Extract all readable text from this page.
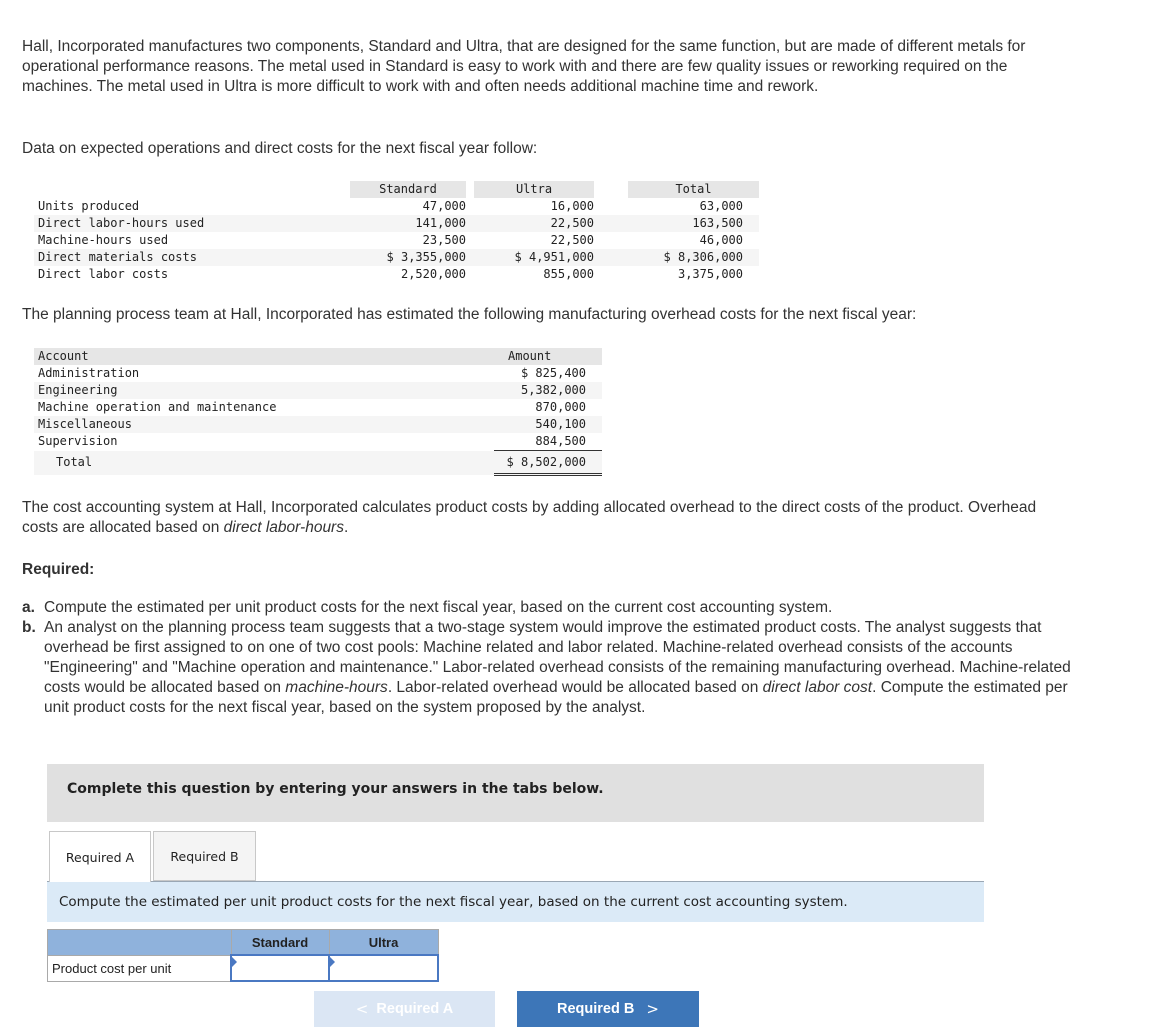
Hall, Incorporated manufactures two components, Standard and Ultra, that are designed for the same function, but are made of different metals for operational performance reasons. The metal used in Standard is easy to work with and there are few quality issues or reworking required on the machines. The metal used in Ultra is more difficult to work with and often needs additional machine time and rework.
Data on expected operations and direct costs for the next fiscal year follow:
	Standard		Ultra		Total
Units produced	47,000		16,000		63,000
Direct labor-hours used	141,000		22,500		163,500
Machine-hours used	23,500		22,500		46,000
Direct materials costs	$ 3,355,000		$ 4,951,000		$ 8,306,000
Direct labor costs	2,520,000		855,000		3,375,000
The planning process team at Hall, Incorporated has estimated the following manufacturing overhead costs for the next fiscal year:
Account	Amount
Administration	$ 825,400
Engineering	5,382,000
Machine operation and maintenance	870,000
Miscellaneous	540,100
Supervision	884,500
Total	$ 8,502,000
The cost accounting system at Hall, Incorporated calculates product costs by adding allocated overhead to the direct costs of the product. Overhead costs are allocated based on direct labor-hours.
Required:

a. Compute the estimated per unit product costs for the next fiscal year, based on the current cost accounting system.

b. An analyst on the planning process team suggests that a two-stage system would improve the estimated product costs. The analyst suggests that overhead be first assigned to on one of two cost pools: Machine related and labor related. Machine-related overhead consists of the accounts "Engineering" and "Machine operation and maintenance." Labor-related overhead consists of the remaining manufacturing overhead. Machine-related costs would be allocated based on machine-hours. Labor-related overhead would be allocated based on direct labor cost. Compute the estimated per unit product costs for the next fiscal year, based on the system proposed by the analyst.

Complete this question by entering your answers in the tabs below.
Required A	Required B
Compute the estimated per unit product costs for the next fiscal year, based on the current cost accounting system.
	Standard	Ultra
Product cost per unit	

<
Required A	Required B
>
